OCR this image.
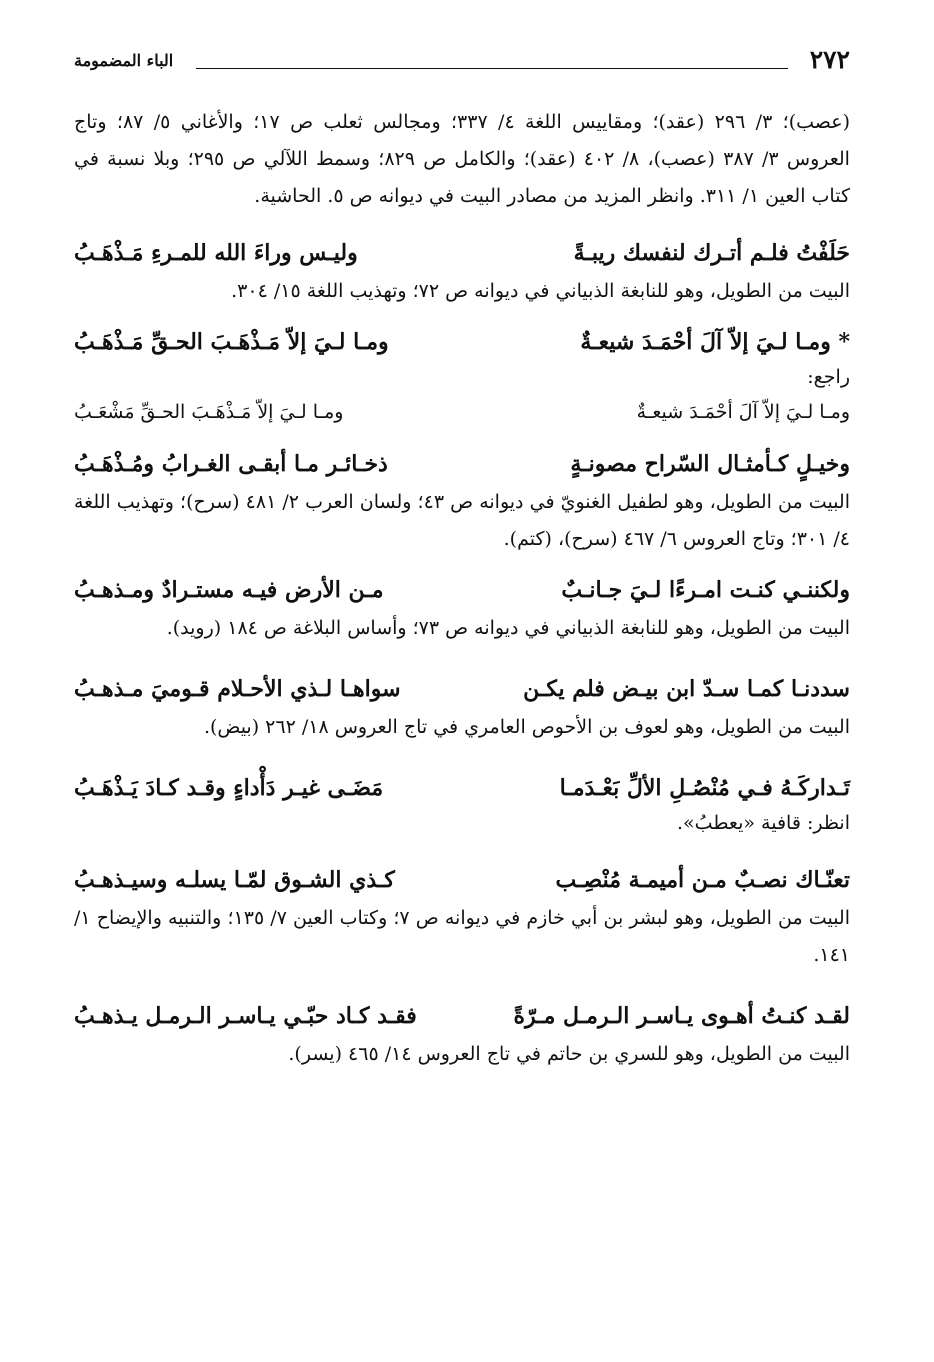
٢٧٢
الباء المضمومة

(عصب)؛ ٣/ ٢٩٦ (عقد)؛ ومقاييس اللغة ٤/ ٣٣٧؛ ومجالس ثعلب ص ١٧؛ والأغاني ٥/ ٨٧؛ وتاج العروس ٣/ ٣٨٧ (عصب)، ٨/ ٤٠٢ (عقد)؛ والكامل ص ٨٢٩؛ وسمط اللآلي ص ٢٩٥؛ وبلا نسبة في كتاب العين ١/ ٣١١. وانظر المزيد من مصادر البيت في ديوانه ص ٥. الحاشية.

حَلَفْتُ فلـم أتـرك لنفسك ريبـةً
وليـس وراءَ الله للمـرءِ مَـذْهَـبُ

البيت من الطويل، وهو للنابغة الذبياني في ديوانه ص ٧٢؛ وتهذيب اللغة ١٥/ ٣٠٤.

* ومـا لـيَ إلاّ آلَ أحْمَـدَ شيعـةٌ
ومـا لـيَ إلاّ مَـذْهَـبَ الحـقِّ مَـذْهَـبُ

راجع:

ومـا لـيَ إلاّ آلَ أحْمَـدَ شيعـةٌ
ومـا لـيَ إلاّ مَـذْهَـبَ الحـقِّ مَشْعَـبُ
وخيـلٍ كـأمثـال السّراح مصونـةٍ
ذخـائـر مـا أبقـى الغـرابُ ومُـذْهَـبُ

البيت من الطويل، وهو لطفيل الغنويّ في ديوانه ص ٤٣؛ ولسان العرب ٢/ ٤٨١ (سرح)؛ وتهذيب اللغة ٤/ ٣٠١؛ وتاج العروس ٦/ ٤٦٧ (سرح)، (كتم).

ولكننـي كنـت امـرءًا لـيَ جـانـبٌ
مـن الأرض فيـه مستـرادٌ ومـذهـبُ

البيت من الطويل، وهو للنابغة الذبياني في ديوانه ص ٧٣؛ وأساس البلاغة ص ١٨٤ (رويد).

سددنـا كمـا سـدّ ابن بيـض فلم يكـن
سواهـا لـذي الأحـلام قـوميَ مـذهـبُ

البيت من الطويل، وهو لعوف بن الأحوص العامري في تاج العروس ١٨/ ٢٦٢ (بيض).

تَـداركَـهُ فـي مُنْصُـلِ الألِّ بَعْـدَمـا
مَضَـى غيـر دَأْداءٍ وقـد كـادَ يَـذْهَـبُ

انظر: قافية «يعطبُ».

تعنّـاك نصـبٌ مـن أميمـة مُنْصِـب
كـذي الشـوق لمّـا يسلـه وسيـذهـبُ

البيت من الطويل، وهو لبشر بن أبي خازم في ديوانه ص ٧؛ وكتاب العين ٧/ ١٣٥؛ والتنبيه والإيضاح ١/ ١٤١.

لقـد كنـتُ أهـوى يـاسـر الـرمـل مـرّةً
فقـد كـاد حبّـي يـاسـر الـرمـل يـذهـبُ

البيت من الطويل، وهو للسري بن حاتم في تاج العروس ١٤/ ٤٦٥ (يسر).
